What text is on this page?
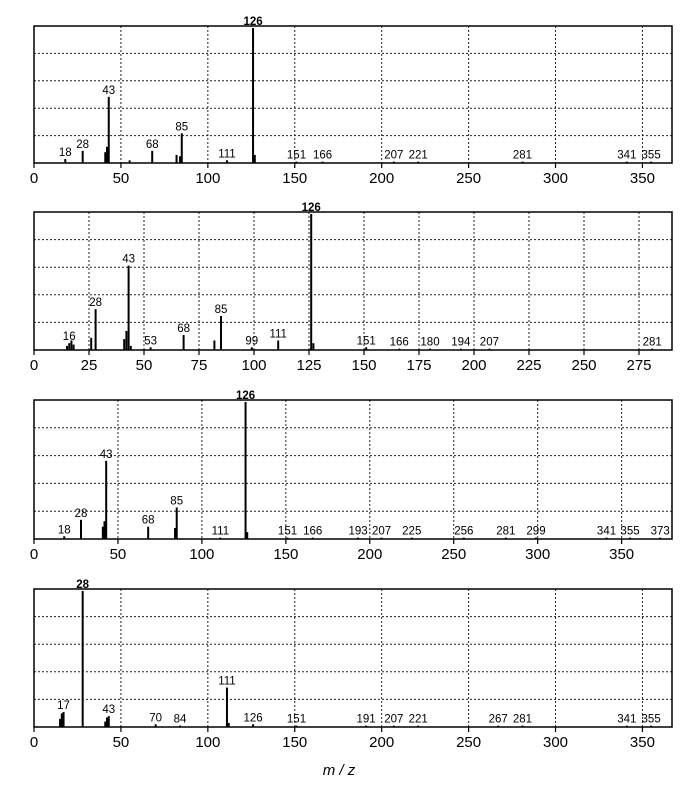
m / z
0	50	100	150	200	250	300	350
18
28
43
68
85
111
126
151 166	207 221	281	341 355
0	25	50	75 100 125 150 175 200 225 250 275
16
28
43
53
68
85
99
111
126
151 166 180 194 207	281
0	50	100	150	200	250	300	350
18
28
43
68
85
111
126
151 166 193 207 225	256 281 299	341 355 373
0	50	100	150	200	250	300	350
17
28
43
70 84
111
126 151	191 207 221	267 281	341 355
